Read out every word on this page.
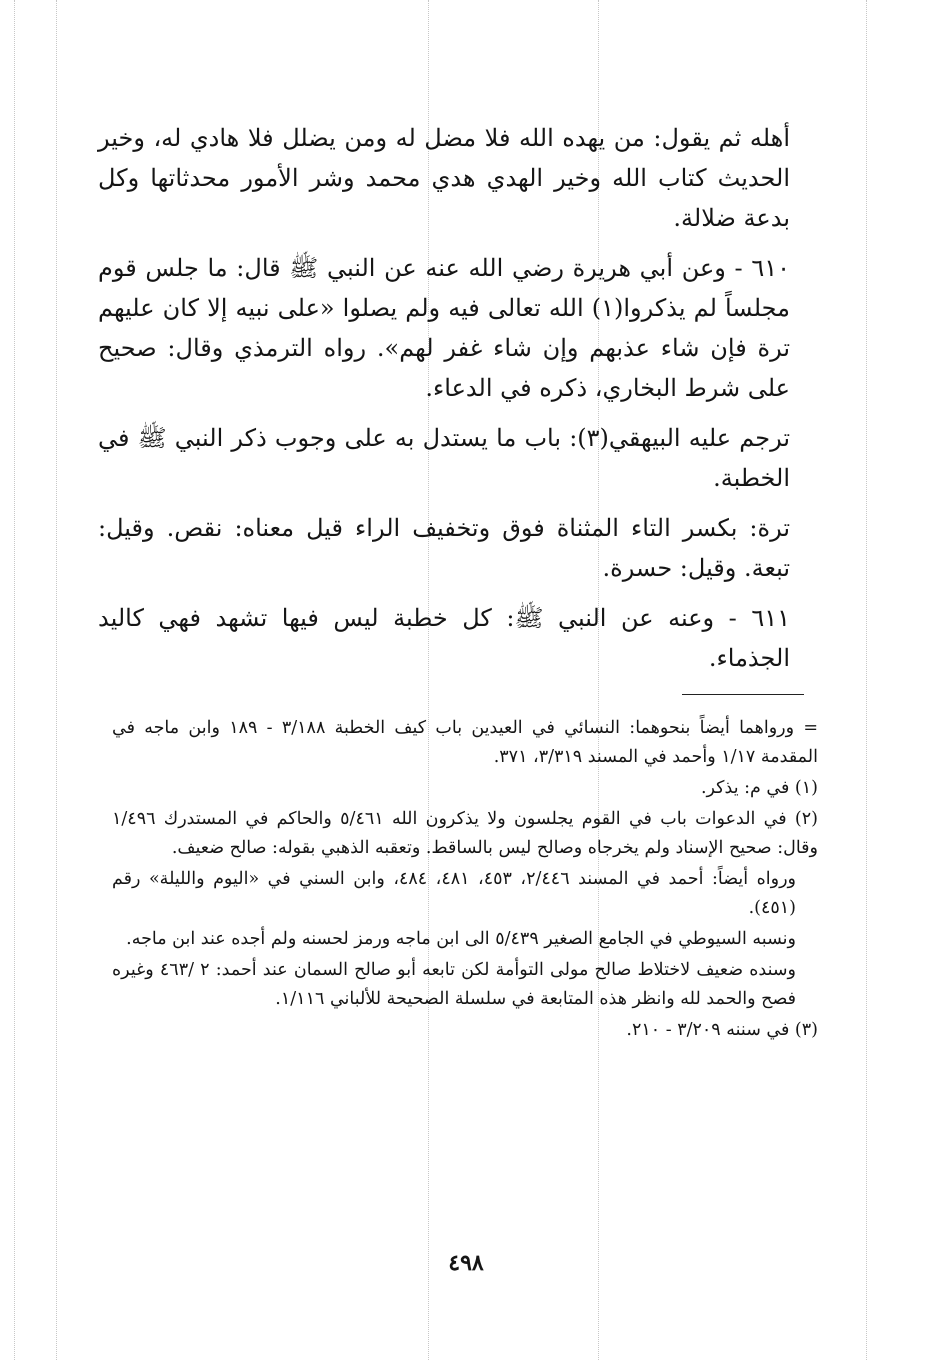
أهله ثم يقول: من يهده الله فلا مضل له ومن يضلل فلا هادي له، وخير الحديث كتاب الله وخير الهدي هدي محمد وشر الأمور محدثاتها وكل بدعة ضلالة.

٦١٠ - وعن أبي هريرة رضي الله عنه عن النبي ﷺ قال: ما جلس قوم مجلساً لم يذكروا(١) الله تعالى فيه ولم يصلوا «على نبيه إلا كان عليهم ترة فإن شاء عذبهم وإن شاء غفر لهم». رواه الترمذي وقال: صحيح على شرط البخاري، ذكره في الدعاء.

ترجم عليه البيهقي(٣): باب ما يستدل به على وجوب ذكر النبي ﷺ في الخطبة.

ترة: بكسر التاء المثناة فوق وتخفيف الراء قيل معناه: نقص. وقيل: تبعة. وقيل: حسرة.

٦١١ - وعنه عن النبي ﷺ: كل خطبة ليس فيها تشهد فهي كاليد الجذماء.

= ورواهما أيضاً بنحوهما: النسائي في العيدين باب كيف الخطبة ٣/١٨٨ - ١٨٩ وابن ماجه في المقدمة ١/١٧ وأحمد في المسند ٣/٣١٩، ٣٧١.

(١) في م: يذكر.

(٢) في الدعوات باب في القوم يجلسون ولا يذكرون الله ٥/٤٦١ والحاكم في المستدرك ١/٤٩٦ وقال: صحيح الإسناد ولم يخرجاه وصالح ليس بالساقط. وتعقبه الذهبي بقوله: صالح ضعيف.

ورواه أيضاً: أحمد في المسند ٢/٤٤٦، ٤٥٣، ٤٨١، ٤٨٤، وابن السني في «اليوم والليلة» رقم (٤٥١).

ونسبه السيوطي في الجامع الصغير ٥/٤٣٩ الى ابن ماجه ورمز لحسنه ولم أجده عند ابن ماجه.

وسنده ضعيف لاختلاط صالح مولى التوأمة لكن تابعه أبو صالح السمان عند أحمد: ٢ /٤٦٣ وغيره فصح والحمد لله وانظر هذه المتابعة في سلسلة الصحيحة للألباني ١/١١٦.

(٣) في سننه ٣/٢٠٩ - ٢١٠.

٤٩٨
